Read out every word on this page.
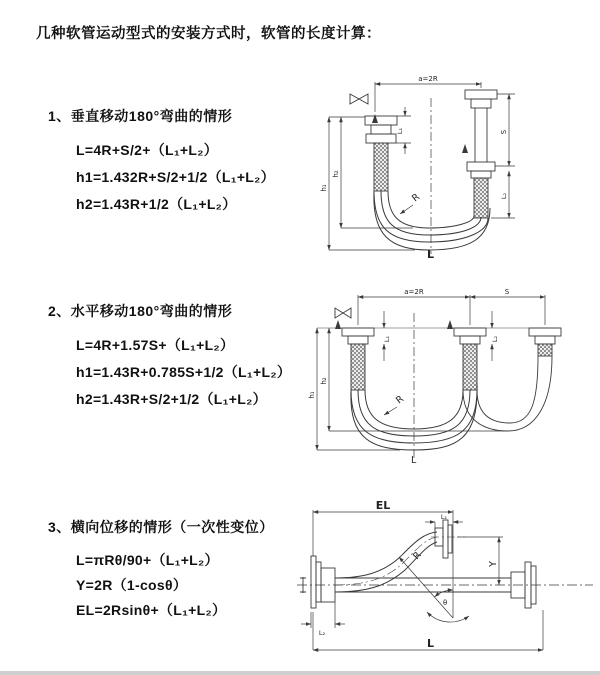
几种软管运动型式的安装方式时，软管的长度计算：
1、垂直移动180°弯曲的情形
L=4R+S/2+（L₁+L₂）
h1=1.432R+S/2+1/2（L₁+L₂）
h2=1.43R+1/2（L₁+L₂）
a=2R
S
L₁
L₂
h₁
h₂
R
L
2、水平移动180°弯曲的情形
L=4R+1.57S+（L₁+L₂）
h1=1.43R+0.785S+1/2（L₁+L₂）
h2=1.43R+S/2+1/2（L₁+L₂）
a=2R	S
L₁	L₂
h₁
h₂
R
L
3、横向位移的情形（一次性变位）
L=πRθ/90+（L₁+L₂）
Y=2R（1-cosθ）
EL=2Rsinθ+（L₁+L₂）
EL
L₁
Y
R
θ
L
L₂
